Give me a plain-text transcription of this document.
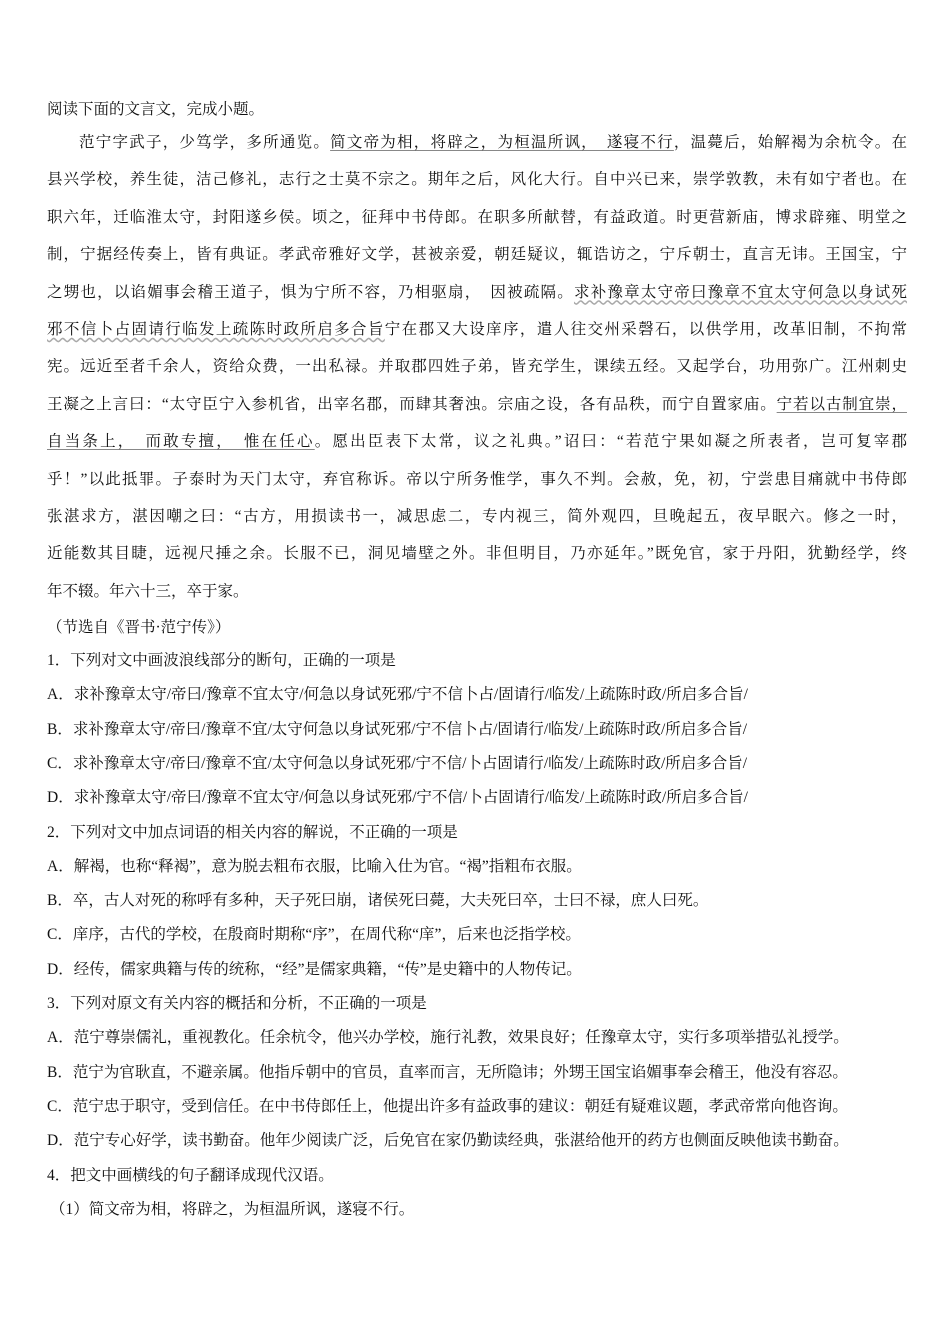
阅读下面的文言文，完成小题。
范宁字武子，少笃学，多所通览。简文帝为相，将辟之，为桓温所讽，　遂寝不行，温薨后，始解褐为余杭令。在
县兴学校，养生徒，洁己修礼，志行之士莫不宗之。期年之后，风化大行。自中兴已来，崇学敦教，未有如宁者也。在
职六年，迁临淮太守，封阳遂乡侯。顷之，征拜中书侍郎。在职多所献替，有益政道。时更营新庙，博求辟雍、明堂之
制，宁据经传奏上，皆有典证。孝武帝雅好文学，甚被亲爱，朝廷疑议，辄诰访之，宁斥朝士，直言无讳。王国宝，宁
之甥也，以谄媚事会稽王道子，惧为宁所不容，乃相驱扇，　因被疏隔。求补豫章太守帝曰豫章不宜太守何急以身试死
邪不信卜占固请行临发上疏陈时政所启多合旨宁在郡又大设庠序，遣人往交州采磬石，以供学用，改革旧制，不拘常
宪。远近至者千余人，资给众费，一出私禄。并取郡四姓子弟，皆充学生，课续五经。又起学台，功用弥广。江州刺史
王凝之上言曰：“太守臣宁入参机省，出宰名郡，而肆其奢浊。宗庙之设，各有品秩，而宁自置家庙。宁若以古制宜崇，
自当条上，　而敢专擅，　惟在任心。愿出臣表下太常，议之礼典。”诏曰：“若范宁果如凝之所表者，岂可复宰郡
乎！”以此抵罪。子泰时为天门太守，弃官称诉。帝以宁所务惟学，事久不判。会赦，免，初，宁尝患目痛就中书侍郎
张湛求方，湛因嘲之曰：“古方，用损读书一，减思虑二，专内视三，简外观四，旦晚起五，夜早眠六。修之一时，
近能数其目睫，远视尺捶之余。长服不已，洞见墙壁之外。非但明目，乃亦延年。”既免官，家于丹阳，犹勤经学，终
年不辍。年六十三，卒于家。
（节选自《晋书·范宁传》）
1．下列对文中画波浪线部分的断句，正确的一项是
A．求补豫章太守/帝曰/豫章不宜太守/何急以身试死邪/宁不信卜占/固请行/临发/上疏陈时政/所启多合旨/
B．求补豫章太守/帝曰/豫章不宜/太守何急以身试死邪/宁不信卜占/固请行/临发/上疏陈时政/所启多合旨/
C．求补豫章太守/帝曰/豫章不宜/太守何急以身试死邪/宁不信/卜占固请行/临发/上疏陈时政/所启多合旨/
D．求补豫章太守/帝曰/豫章不宜太守/何急以身试死邪/宁不信/卜占固请行/临发/上疏陈时政/所启多合旨/
2．下列对文中加点词语的相关内容的解说，不正确的一项是
A．解褐，也称“释褐”，意为脱去粗布衣服，比喻入仕为官。“褐”指粗布衣服。
B．卒，古人对死的称呼有多种，天子死曰崩，诸侯死曰薨，大夫死曰卒，士曰不禄，庶人曰死。
C．庠序，古代的学校，在殷商时期称“序”，在周代称“庠”，后来也泛指学校。
D．经传，儒家典籍与传的统称，“经”是儒家典籍，“传”是史籍中的人物传记。
3．下列对原文有关内容的概括和分析，不正确的一项是
A．范宁尊崇儒礼，重视教化。任余杭令，他兴办学校，施行礼教，效果良好；任豫章太守，实行多项举措弘礼授学。
B．范宁为官耿直，不避亲属。他指斥朝中的官员，直率而言，无所隐讳；外甥王国宝谄媚事奉会稽王，他没有容忍。
C．范宁忠于职守，受到信任。在中书侍郎任上，他提出许多有益政事的建议：朝廷有疑难议题，孝武帝常向他咨询。
D．范宁专心好学，读书勤奋。他年少阅读广泛，后免官在家仍勤读经典，张湛给他开的药方也侧面反映他读书勤奋。
4．把文中画横线的句子翻译成现代汉语。
（1）简文帝为相，将辟之，为桓温所讽，遂寝不行。
